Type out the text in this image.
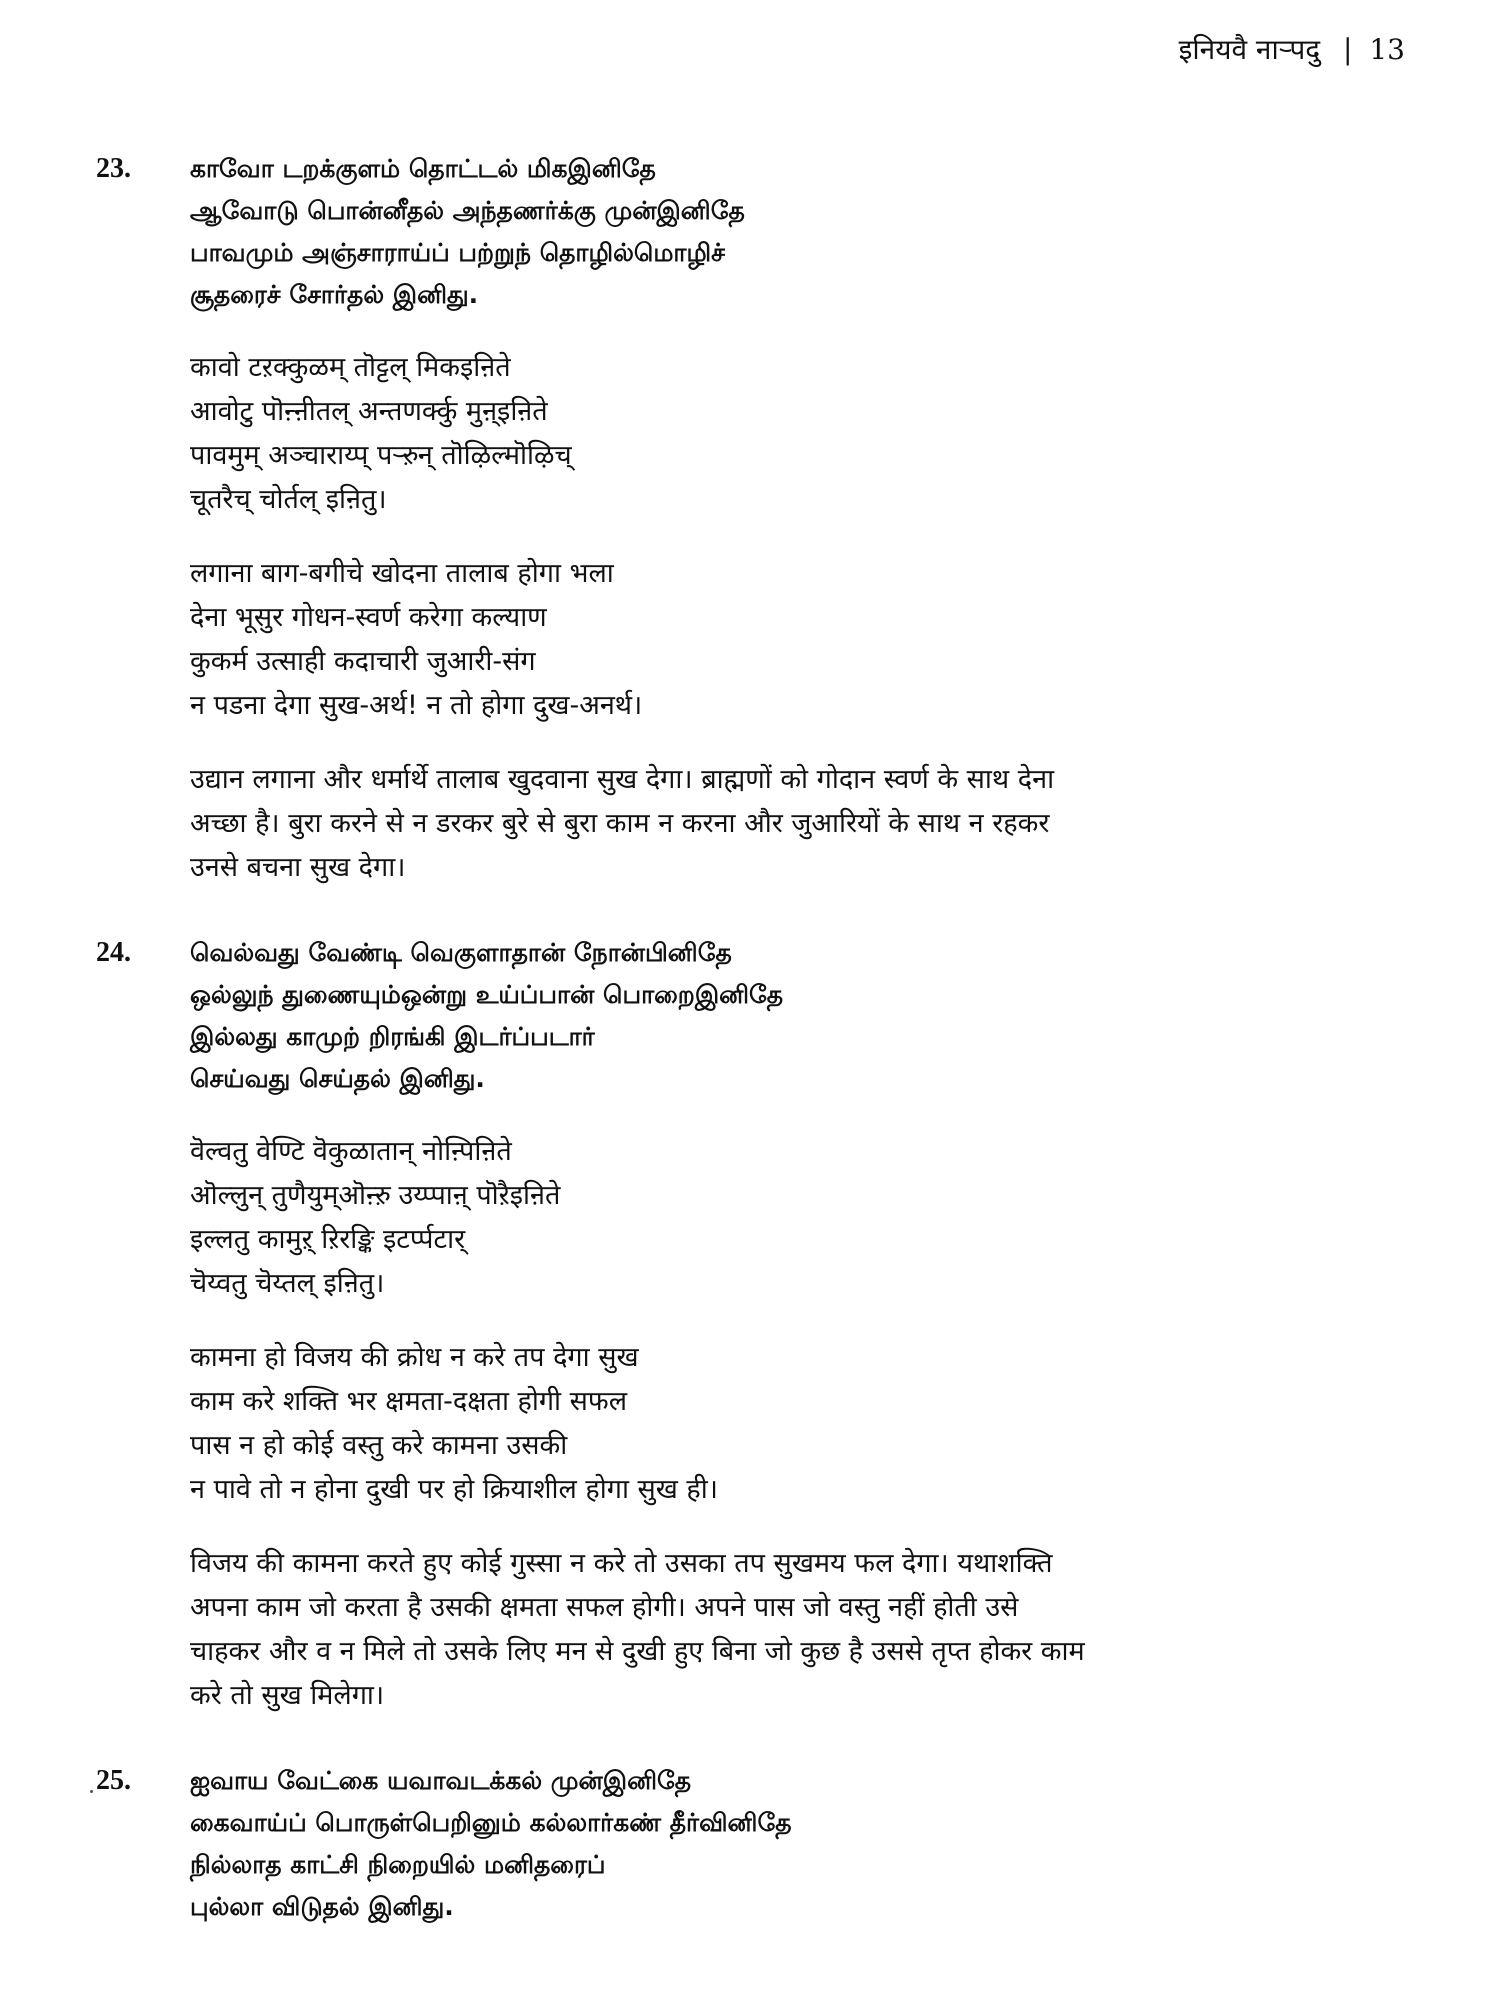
इनियवै नाऱ्पदु | 13
23.	காவோ டறக்குளம் தொட்டல் மிகஇனிதே
ஆவோடு பொன்னீதல் அந்தணர்க்கு முன்இனிதே
பாவமும் அஞ்சாராய்ப் பற்றுந் தொழில்மொழிச்
சூதரைச் சோர்தல் இனிது.
कावो टऱक्कुळम् तॊट्टल् मिकइऩिते
आवोटु पॊऩ्ऩीतल् अन्तणर्क्कु मुऩ्इऩिते
पावमुम् अञ्चाराय्प् पऱ्ऱुन् तॊऴिल्मॊऴिच्
चूतरैच् चोर्तल् इऩितु।
लगाना बाग-बगीचे खोदना तालाब होगा भला
देना भूसुर गोधन-स्वर्ण करेगा कल्याण
कुकर्म उत्साही कदाचारी जुआरी-संग
न पडना देगा सुख-अर्थ! न तो होगा दुख-अनर्थ।
उद्यान लगाना और धर्मार्थे तालाब खुदवाना सुख देगा। ब्राह्मणों को गोदान स्वर्ण के साथ देना
अच्छा है। बुरा करने से न डरकर बुरे से बुरा काम न करना और जुआरियों के साथ न रहकर
उनसे बचना सुख देगा।
24.	வெல்வது வேண்டி வெகுளாதான் நோன்பினிதே
ஒல்லுந் துணையும்ஒன்று உய்ப்பான் பொறைஇனிதே
இல்லது காமுற் றிரங்கி இடர்ப்படார்
செய்வது செய்தல் இனிது.
वॆल्वतु वेण्टि वॆकुळातान् नोऩ्पिऩिते
ऒल्लुन् तुणैयुम्ऒऩ्ऱु उय्प्पाऩ् पॊऱैइऩिते
इल्लतु कामुऱ् ऱिरङ्कि इटर्प्पटार्
चॆय्वतु चॆय्तल् इऩितु।
कामना हो विजय की क्रोध न करे तप देगा सुख
काम करे शक्ति भर क्षमता-दक्षता होगी सफल
पास न हो कोई वस्तु करे कामना उसकी
न पावे तो न होना दुखी पर हो क्रियाशील होगा सुख ही।
विजय की कामना करते हुए कोई गुस्सा न करे तो उसका तप सुखमय फल देगा। यथाशक्ति
अपना काम जो करता है उसकी क्षमता सफल होगी। अपने पास जो वस्तु नहीं होती उसे
चाहकर और व न मिले तो उसके लिए मन से दुखी हुए बिना जो कुछ है उससे तृप्त होकर काम
करे तो सुख मिलेगा।
25.	ஐவாய வேட்கை யவாவடக்கல் முன்இனிதே
கைவாய்ப் பொருள்பெறினும் கல்லார்கண் தீர்வினிதே
நில்லாத காட்சி நிறையில் மனிதரைப்
புல்லா விடுதல் இனிது.
